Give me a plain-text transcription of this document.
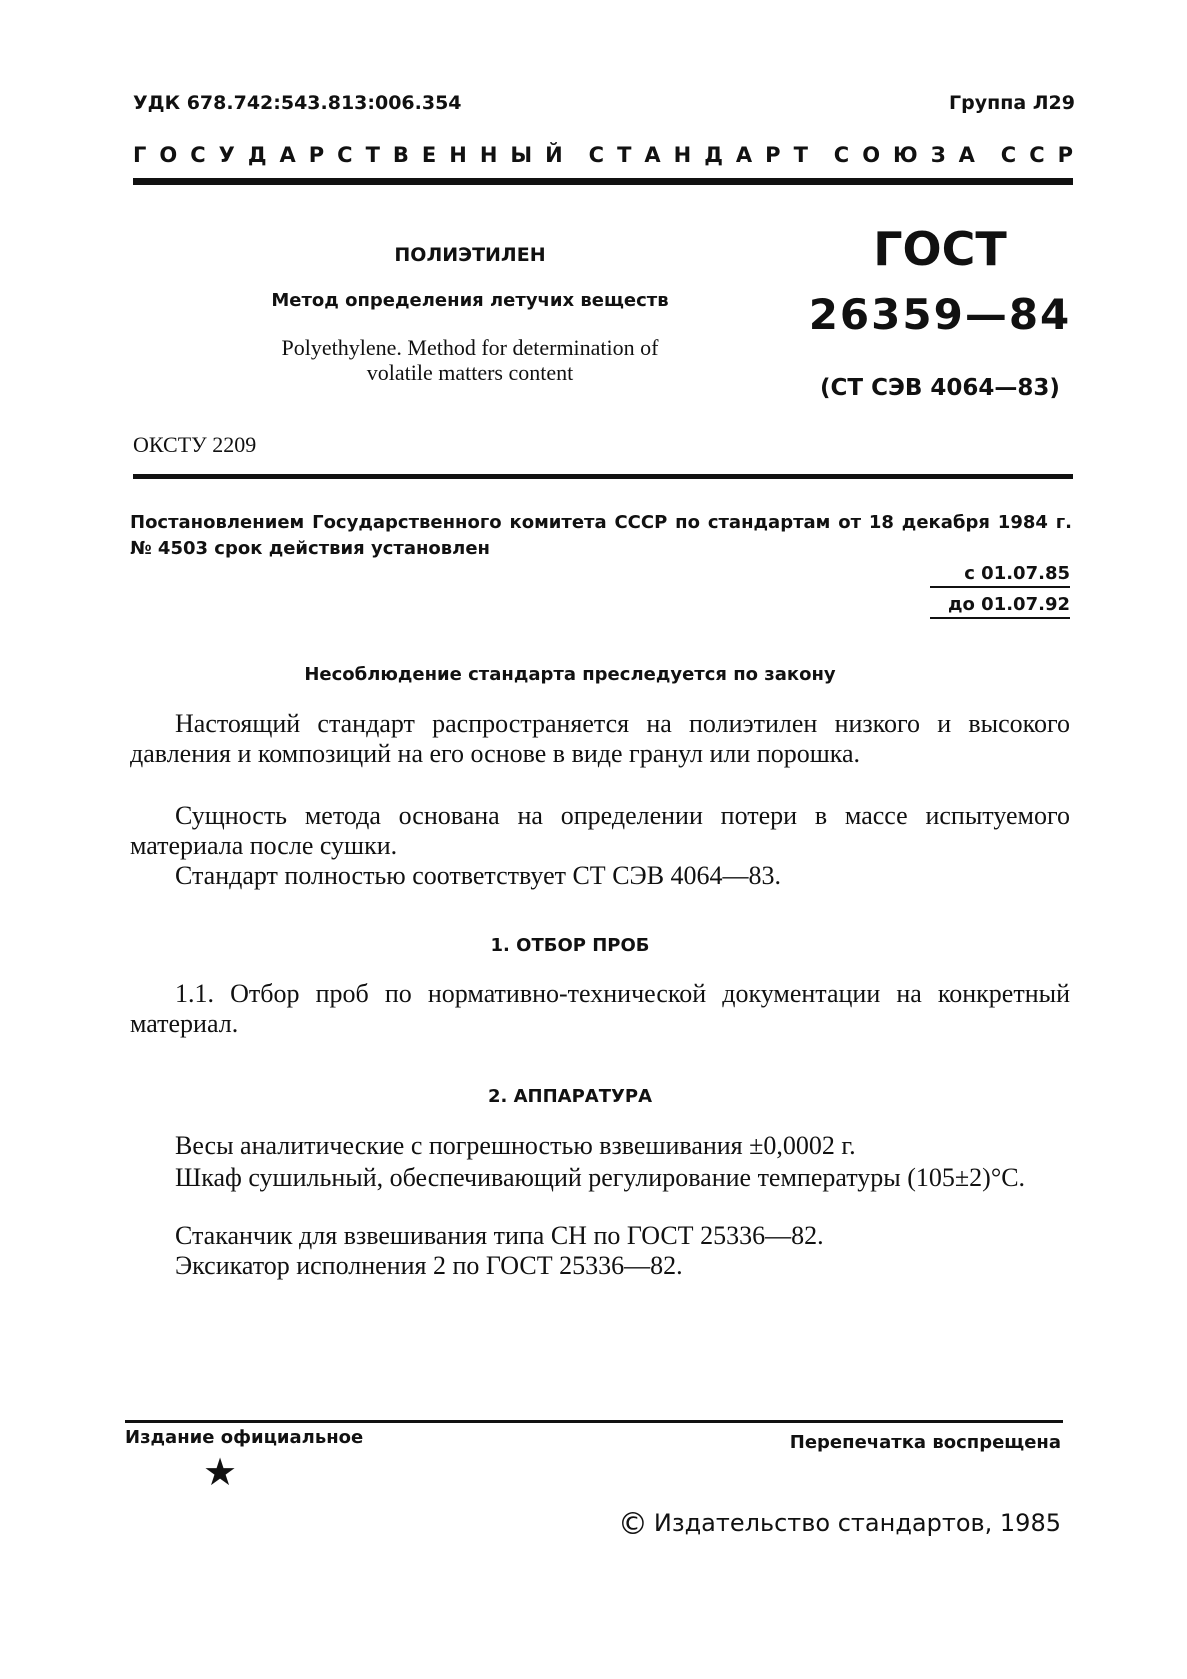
УДК 678.742:543.813:006.354	Группа Л29
ГОСУДАРСТВЕННЫЙ СТАНДАРТ СОЮЗА ССР
ПОЛИЭТИЛЕН
Метод определения летучих веществ
Polyethylene. Method for determination of
volatile matters content
ГОСТ
26359—84
(СТ СЭВ 4064—83)
ОКСТУ 2209
Постановлением Государственного комитета СССР по стандартам от 18 декабря 1984 г. № 4503 срок действия установлен
с 01.07.85
до 01.07.92
Несоблюдение стандарта преследуется по закону
Настоящий стандарт распространяется на полиэтилен низкого и высокого давления и композиций на его основе в виде гранул или порошка.
Сущность метода основана на определении потери в массе испытуемого материала после сушки.
Стандарт полностью соответствует СТ СЭВ 4064—83.
1. ОТБОР ПРОБ
1.1. Отбор проб по нормативно-технической документации на конкретный материал.
2. АППАРАТУРА
Весы аналитические с погрешностью взвешивания ±0,0002 г.
Шкаф сушильный, обеспечивающий регулирование температуры (105±2)°С.
Стаканчик для взвешивания типа СН по ГОСТ 25336—82.
Эксикатор исполнения 2 по ГОСТ 25336—82.
Издание официальное	Перепечатка воспрещена
★
© Издательство стандартов, 1985
